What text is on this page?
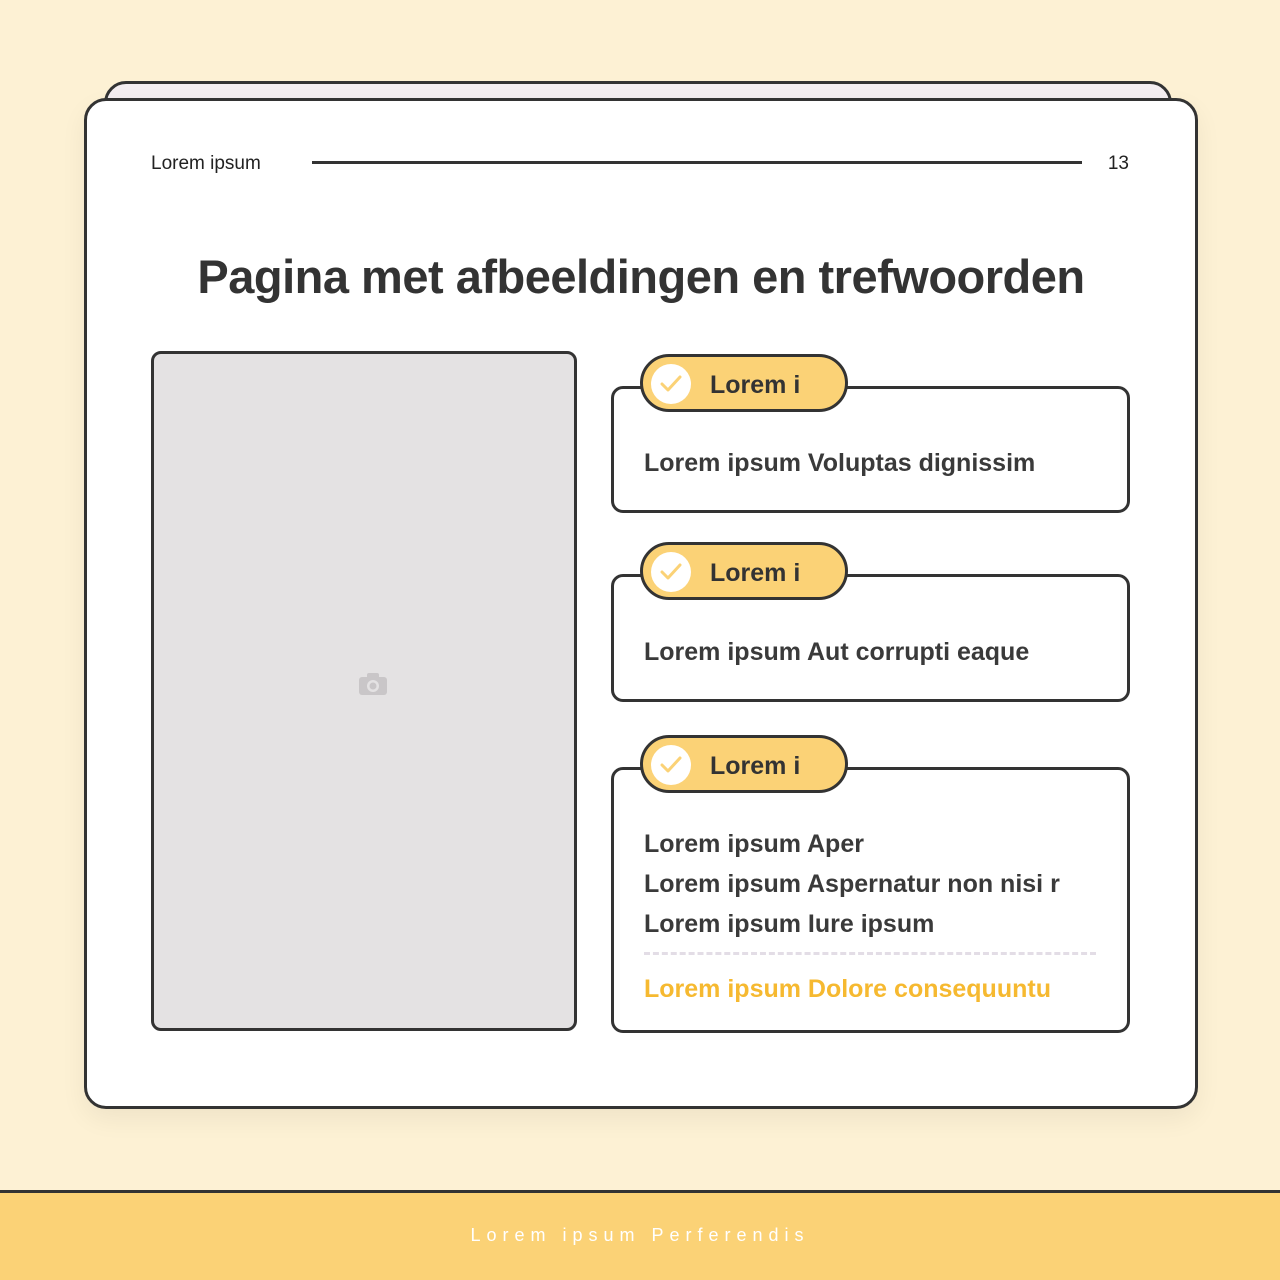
Lorem ipsum	13
Pagina met afbeeldingen en trefwoorden
Lorem i
Lorem ipsum Voluptas dignissim
Lorem i
Lorem ipsum Aut corrupti eaque
Lorem i
Lorem ipsum Aper
Lorem ipsum Aspernatur non nisi r
Lorem ipsum Iure ipsum
Lorem ipsum Dolore consequuntu
Lorem ipsum Perferendis
